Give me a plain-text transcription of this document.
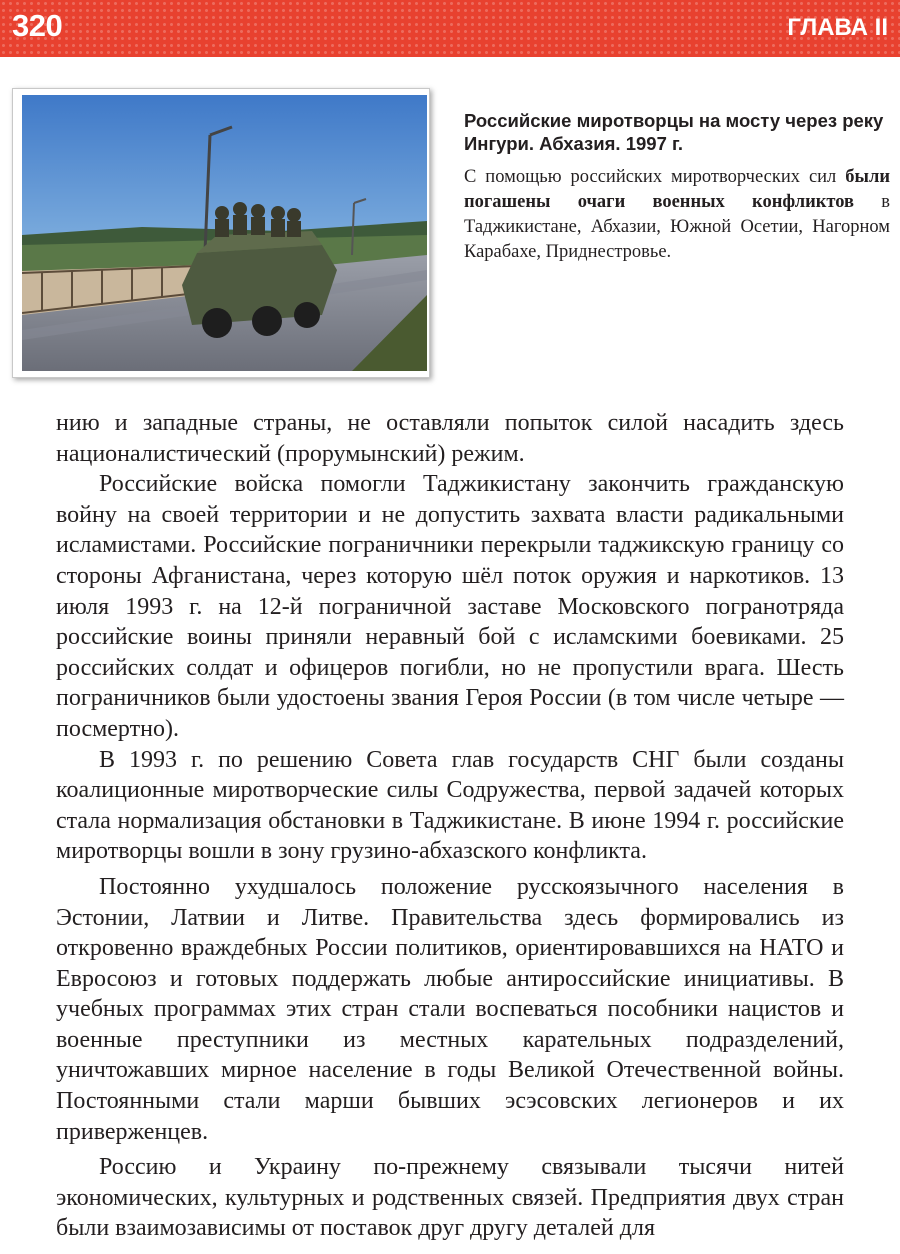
320	ГЛАВА II

Российские миротворцы на мосту через реку Ингури. Абхазия. 1997 г.

С помощью российских миротворческих сил были погашены очаги военных конфликтов в Таджикистане, Абхазии, Южной Осетии, Нагорном Карабахе, Приднестровье.

нию и западные страны, не оставляли попыток силой насадить здесь националистический (прорумынский) режим.

Российские войска помогли Таджикистану закончить гражданскую войну на своей территории и не допустить захвата власти радикальными исламистами. Российские пограничники перекрыли таджикскую границу со стороны Афганистана, через которую шёл поток оружия и наркотиков. 13 июля 1993 г. на 12-й пограничной заставе Московского погранотряда российские воины приняли неравный бой с исламскими боевиками. 25 российских солдат и офицеров погибли, но не пропустили врага. Шесть пограничников были удостоены звания Героя России (в том числе четыре — посмертно).

В 1993 г. по решению Совета глав государств СНГ были созданы коалиционные миротворческие силы Содружества, первой задачей которых стала нормализация обстановки в Таджикистане. В июне 1994 г. российские миротворцы вошли в зону грузино-абхазского конфликта.

Постоянно ухудшалось положение русскоязычного населения в Эстонии, Латвии и Литве. Правительства здесь формировались из откровенно враждебных России политиков, ориентировавшихся на НАТО и Евросоюз и готовых поддержать любые антироссийские инициативы. В учебных программах этих стран стали воспеваться пособники нацистов и военные преступники из местных карательных подразделений, уничтожавших мирное население в годы Великой Отечественной войны. Постоянными стали марши бывших эсэсовских легионеров и их приверженцев.

Россию и Украину по-прежнему связывали тысячи нитей экономических, культурных и родственных связей. Предприятия двух стран были взаимозависимы от поставок друг другу деталей для
